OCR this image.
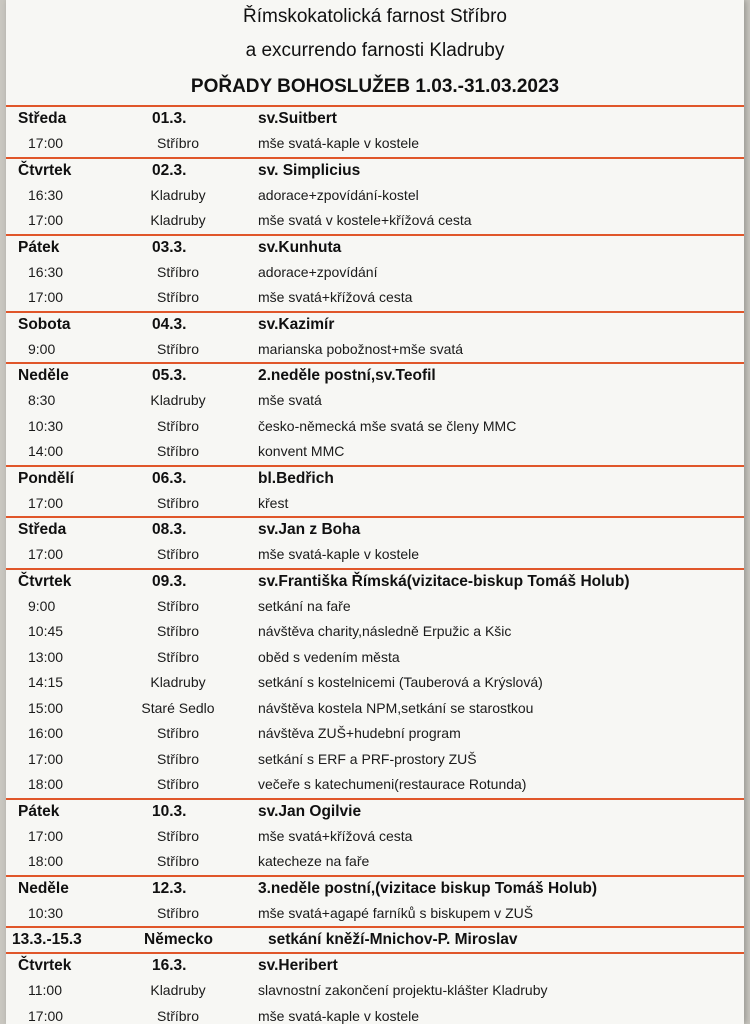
Římskokatolická farnost Stříbro
a excurrendo farnosti Kladruby
POŘADY BOHOSLUŽEB 1.03.-31.03.2023
Středa	01.3.	sv.Suitbert
17:00	Stříbro	mše svatá-kaple v kostele
Čtvrtek	02.3.	sv. Simplicius
16:30	Kladruby	adorace+zpovídání-kostel
17:00	Kladruby	mše svatá v kostele+křížová cesta
Pátek	03.3.	sv.Kunhuta
16:30	Stříbro	adorace+zpovídání
17:00	Stříbro	mše svatá+křížová cesta
Sobota	04.3.	sv.Kazimír
9:00	Stříbro	marianska pobožnost+mše svatá
Neděle	05.3.	2.neděle postní,sv.Teofil
8:30	Kladruby	mše svatá
10:30	Stříbro	česko-německá mše svatá se členy MMC
14:00	Stříbro	konvent MMC
Pondělí	06.3.	bl.Bedřich
17:00	Stříbro	křest
Středa	08.3.	sv.Jan z Boha
17:00	Stříbro	mše svatá-kaple v kostele
Čtvrtek	09.3.	sv.Františka Římská(vizitace-biskup Tomáš Holub)
9:00	Stříbro	setkání na faře
10:45	Stříbro	návštěva charity,následně Erpužic a Kšic
13:00	Stříbro	oběd s vedením města
14:15	Kladruby	setkání s kostelnicemi (Tauberová a Krýslová)
15:00	Staré Sedlo	návštěva kostela NPM,setkání se starostkou
16:00	Stříbro	návštěva ZUŠ+hudební program
17:00	Stříbro	setkání s ERF a PRF-prostory ZUŠ
18:00	Stříbro	večeře s katechumeni(restaurace Rotunda)
Pátek	10.3.	sv.Jan Ogilvie
17:00	Stříbro	mše svatá+křížová cesta
18:00	Stříbro	katecheze na faře
Neděle	12.3.	3.neděle postní,(vizitace biskup Tomáš Holub)
10:30	Stříbro	mše svatá+agapé farníků s biskupem v ZUŠ
13.3.-15.3	Německo	setkání kněží-Mnichov-P. Miroslav
Čtvrtek	16.3.	sv.Heribert
11:00	Kladruby	slavnostní zakončení projektu-klášter Kladruby
17:00	Stříbro	mše svatá-kaple v kostele
